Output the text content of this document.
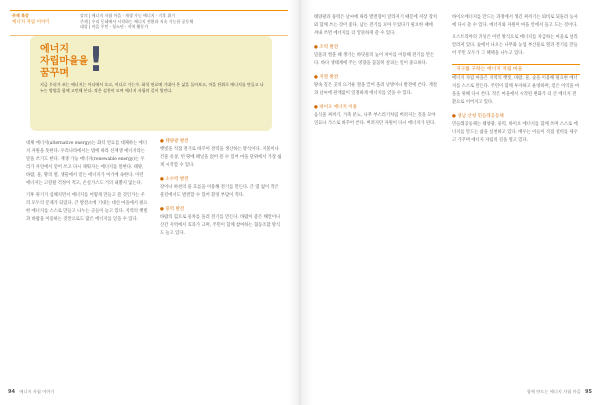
주제 특강
에너지 자립 이야기
강의 | 에너지 자립 마을 · 재생 가능 에너지 · 기후 위기
주제 | 우리 동네에서 시작하는 에너지 전환과 지속 가능한 공동체
대상 | 마을 주민 · 청소년 · 지역 활동가
에너지
자립마을을
꿈꾸며 !
지금 우리가 쓰는 에너지는 어디에서 오고, 어디로 가는가. 화석 연료에 기대어 온 삶을 돌아보고, 마을 단위로 에너지를 만들고 나누는 방법을 함께 고민해 본다. 작은 실천이 모여 에너지 자립의 길이 열린다.

대체 에너지(alternative energy)는 화석 연료를 대체하는 에너지 자원을 뜻한다. 우리나라에서는 법에 따라 신재생 에너지라는 말을 쓰기도 한다. 재생 가능 에너지(renewable energy)는 우리가 자연에서 얻어 쓰고 다시 채워지는 에너지를 말한다. 태양, 바람, 물, 땅의 열, 생물에서 얻는 에너지가 여기에 속한다. 이런 에너지는 고갈될 걱정이 적고, 온실가스도 거의 내뿜지 않는다.

기후 위기가 심해지면서 에너지를 어떻게 만들고 쓸 것인가는 우리 모두의 문제가 되었다. 큰 발전소에 기대는 대신 마을에서 필요한 에너지를 스스로 만들고 나누는 곳들이 늘고 있다. 지역의 햇빛과 바람을 이용하는 것만으로도 많은 에너지를 얻을 수 있다.

● 태양광 발전

햇빛을 직접 전기로 바꾸어 전력을 생산하는 방식이다. 지붕이나 건물 옥상, 빈 땅에 패널을 얹어 쓸 수 있어 마을 단위에서 가장 쉽게 시작할 수 있다.

● 소수력 발전

강이나 하천의 물 흐름을 이용해 전기를 만든다. 큰 댐 없이 작은 물길에서도 발전할 수 있어 환경 부담이 적다.

● 풍력 발전

바람의 힘으로 풍차를 돌려 전기를 만든다. 바람이 좋은 해안이나 산간 지역에서 효과가 크며, 주민이 함께 참여하는 협동조합 방식도 늘고 있다.

94 에너지 자립 이야기

태양광과 풍력은 날씨에 따라 발전량이 달라지기 때문에 저장 장치와 함께 쓰는 것이 좋다. 남는 전기를 모아 두었다가 필요한 때에 꺼내 쓰면 에너지를 더 알뜰하게 쓸 수 있다.

● 조력 발전

밀물과 썰물 때 생기는 바닷물의 높이 차이를 이용해 전기를 만든다. 바다 생태계에 주는 영향을 꼼꼼히 살피는 일이 중요하다.

● 지열 발전

땅속 깊은 곳의 뜨거운 열을 끌어 올려 난방이나 발전에 쓴다. 계절과 날씨에 관계없이 일정하게 에너지를 얻을 수 있다.

● 바이오 에너지 이용

음식물 찌꺼기, 가축 분뇨, 나무 부스러기처럼 버려지는 것을 모아 연료나 가스로 바꾸어 쓴다. 버려지던 자원이 다시 에너지가 된다.

바이오에너지를 만드는 과정에서 생긴 찌꺼기는 퇴비로 되돌려 농사에 다시 쓸 수 있다. 에너지와 자원이 마을 안에서 돌고 도는 것이다.

오스트리아의 귀싱은 이런 방식으로 에너지를 자급하는 마을로 널리 알려져 있다. 숲에서 나오는 나무와 농업 부산물로 열과 전기를 만들어 주민 모두가 그 혜택을 나누고 있다.

지구를 구하는 에너지 자립 마을

에너지 자립 마을은 지역의 햇빛, 바람, 물, 숲을 이용해 필요한 에너지를 스스로 만든다. 주민이 함께 투자하고 운영하며, 얻은 이익을 마을을 위해 다시 쓴다. 작은 마을에서 시작된 변화가 더 큰 에너지 전환으로 이어지고 있다.

● 경남 산청 민들레공동체

민들레공동체는 태양광, 풍력, 바이오 에너지를 함께 쓰며 스스로 에너지를 만드는 삶을 실천하고 있다. 배우는 이들이 직접 설비를 세우고 가꾸며 에너지 자립의 길을 열고 있다.

함께 만드는 에너지 자립 마을 95
